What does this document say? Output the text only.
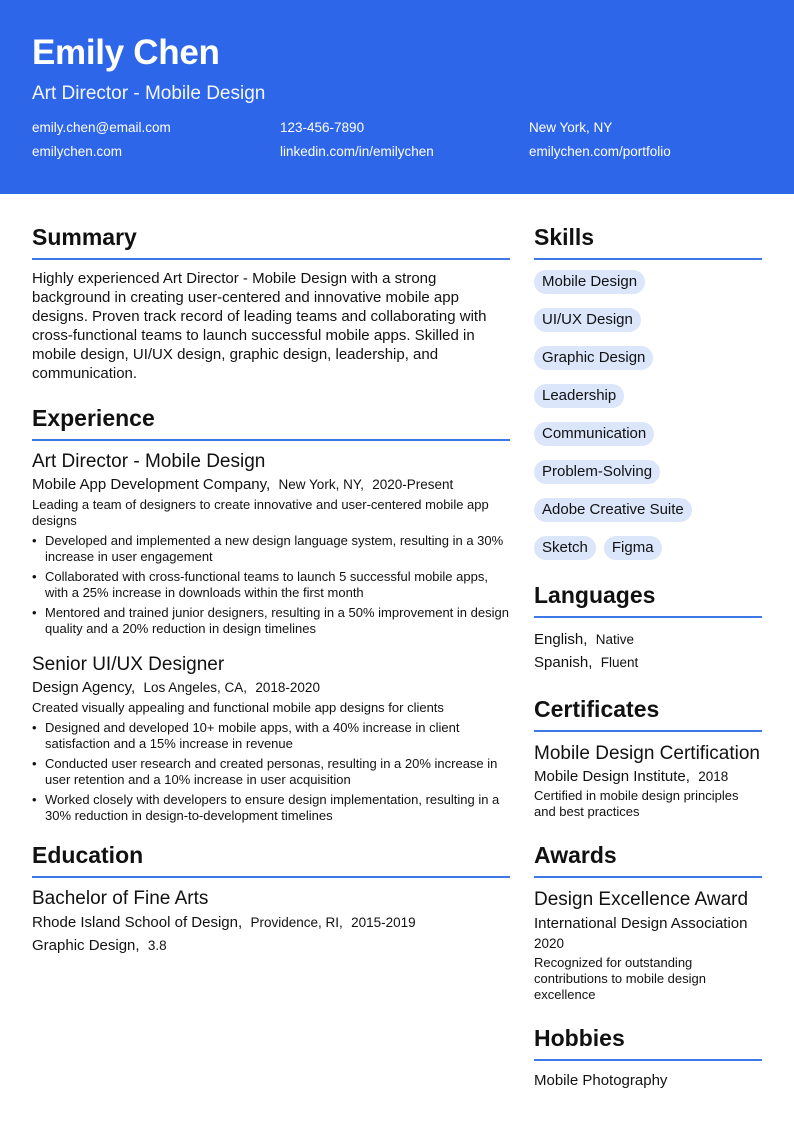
Emily Chen
Art Director - Mobile Design
emily.chen@email.com	123-456-7890	New York, NY
emilychen.com	linkedin.com/in/emilychen	emilychen.com/portfolio
Summary

Highly experienced Art Director - Mobile Design with a strong background in creating user-centered and innovative mobile app designs. Proven track record of leading teams and collaborating with cross-functional teams to launch successful mobile apps. Skilled in mobile design, UI/UX design, graphic design, leadership, and communication.

Experience
Art Director - Mobile Design
Mobile App Development Company, New York, NY, 2020-Present
Leading a team of designers to create innovative and user-centered mobile app designs
• Developed and implemented a new design language system, resulting in a 30% increase in user engagement
• Collaborated with cross-functional teams to launch 5 successful mobile apps, with a 25% increase in downloads within the first month
• Mentored and trained junior designers, resulting in a 50% improvement in design quality and a 20% reduction in design timelines
Senior UI/UX Designer
Design Agency, Los Angeles, CA, 2018-2020
Created visually appealing and functional mobile app designs for clients
• Designed and developed 10+ mobile apps, with a 40% increase in client satisfaction and a 15% increase in revenue
• Conducted user research and created personas, resulting in a 20% increase in user retention and a 10% increase in user acquisition
• Worked closely with developers to ensure design implementation, resulting in a 30% reduction in design-to-development timelines
Education
Bachelor of Fine Arts
Rhode Island School of Design, Providence, RI, 2015-2019
Graphic Design, 3.8
Skills
Mobile Design
UI/UX Design
Graphic Design
Leadership
Communication
Problem-Solving
Adobe Creative Suite
Sketch	Figma
Languages
English, Native
Spanish, Fluent
Certificates
Mobile Design Certification
Mobile Design Institute, 2018
Certified in mobile design principles and best practices
Awards
Design Excellence Award
International Design Association
2020
Recognized for outstanding contributions to mobile design excellence
Hobbies
Mobile Photography
